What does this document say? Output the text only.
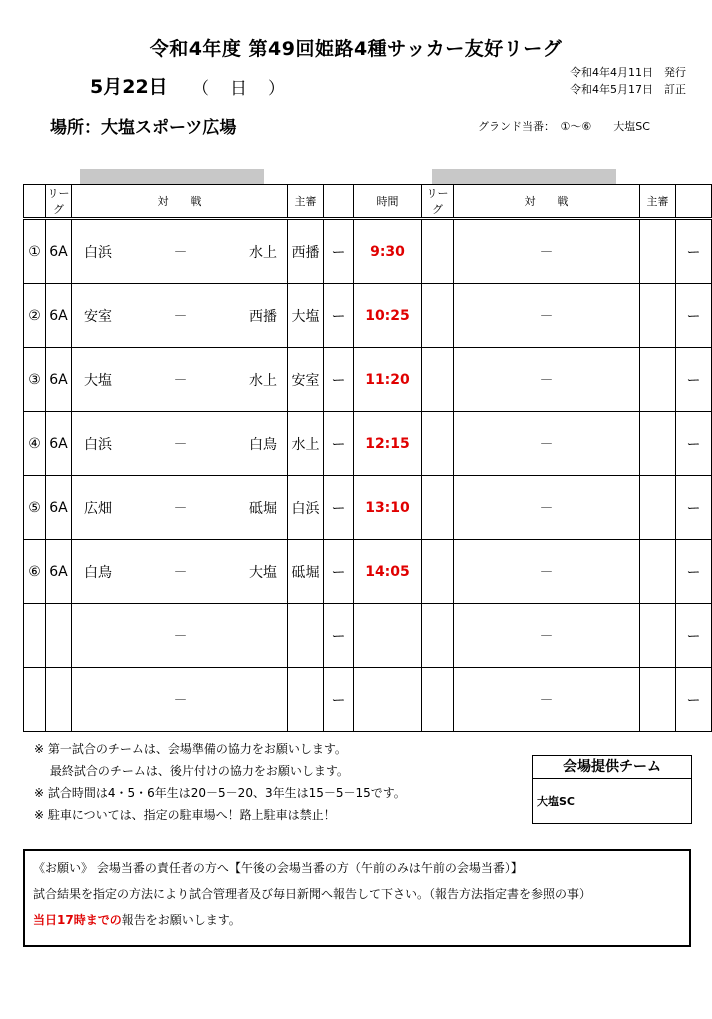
令和4年度 第49回姫路4種サッカー友好リーグ
5月22日 （　日　）
令和4年4月11日　発行
令和4年5月17日　訂正
場所：大塩スポーツ広場	グランド当番：　①～⑥　　大塩SC
	リーグ	対　　戦	主審		時間	リーグ	対　　戦	主審	
①	6A	白浜 － 水上	西播	ー	9:30		－		ー
②	6A	安室 － 西播	大塩	ー	10:25		－		ー
③	6A	大塩 － 水上	安室	ー	11:20		－		ー
④	6A	白浜 － 白鳥	水上	ー	12:15		－		ー
⑤	6A	広畑 － 砥堀	白浜	ー	13:10		－		ー
⑥	6A	白鳥 － 大塩	砥堀	ー	14:05		－		ー

		－		ー			－		ー

		－		ー			－		ー
※ 第一試合のチームは、会場準備の協力をお願いします。
　 最終試合のチームは、後片付けの協力をお願いします。
※ 試合時間は4・5・6年生は20－5－20、3年生は15－5－15です。
※ 駐車については、指定の駐車場へ！路上駐車は禁止！
会場提供チーム
大塩SC
《お願い》 会場当番の責任者の方へ【午後の会場当番の方（午前のみは午前の会場当番）】
試合結果を指定の方法により試合管理者及び毎日新聞へ報告して下さい。（報告方法指定書を参照の事）
当日17時までの報告をお願いします。
